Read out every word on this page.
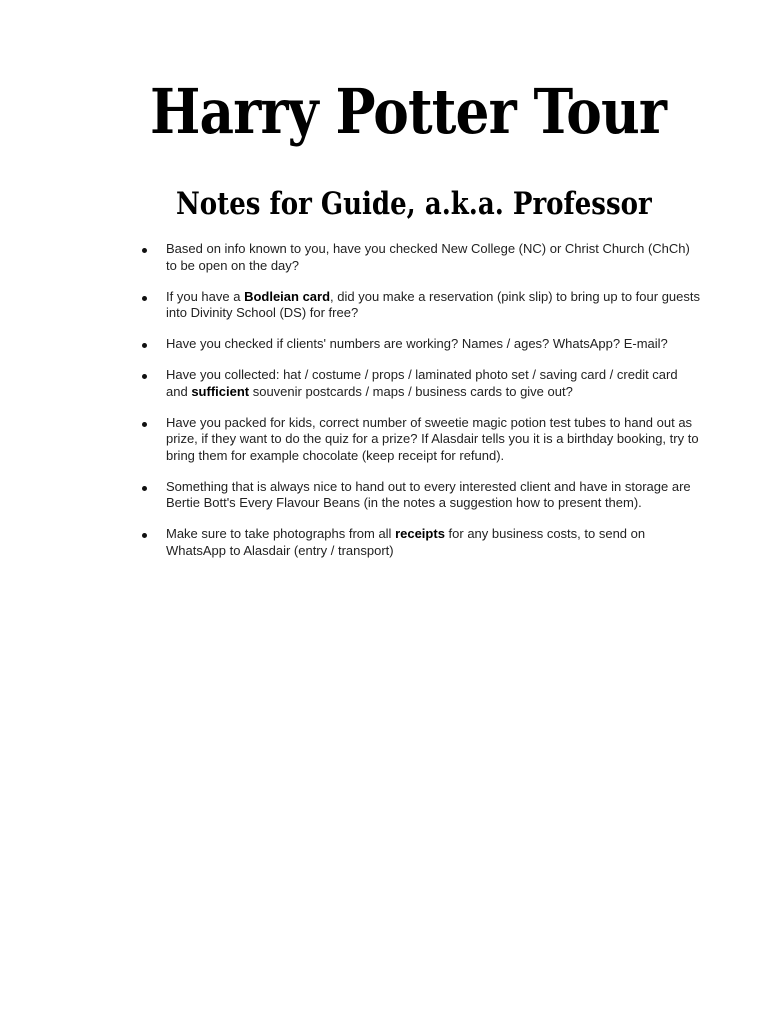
Harry Potter Tour
Notes for Guide, a.k.a. Professor
Based on info known to you, have you checked New College (NC) or Christ Church (ChCh) to be open on the day?
If you have a Bodleian card, did you make a reservation (pink slip) to bring up to four guests into Divinity School (DS) for free?
Have you checked if clients' numbers are working? Names / ages? WhatsApp? E-mail?
Have you collected: hat / costume / props / laminated photo set / saving card / credit card and sufficient souvenir postcards / maps / business cards to give out?
Have you packed for kids, correct number of sweetie magic potion test tubes to hand out as prize, if they want to do the quiz for a prize? If Alasdair tells you it is a birthday booking, try to bring them for example chocolate (keep receipt for refund).
Something that is always nice to hand out to every interested client and have in storage are Bertie Bott's Every Flavour Beans (in the notes a suggestion how to present them).
Make sure to take photographs from all receipts for any business costs, to send on WhatsApp to Alasdair (entry / transport)
